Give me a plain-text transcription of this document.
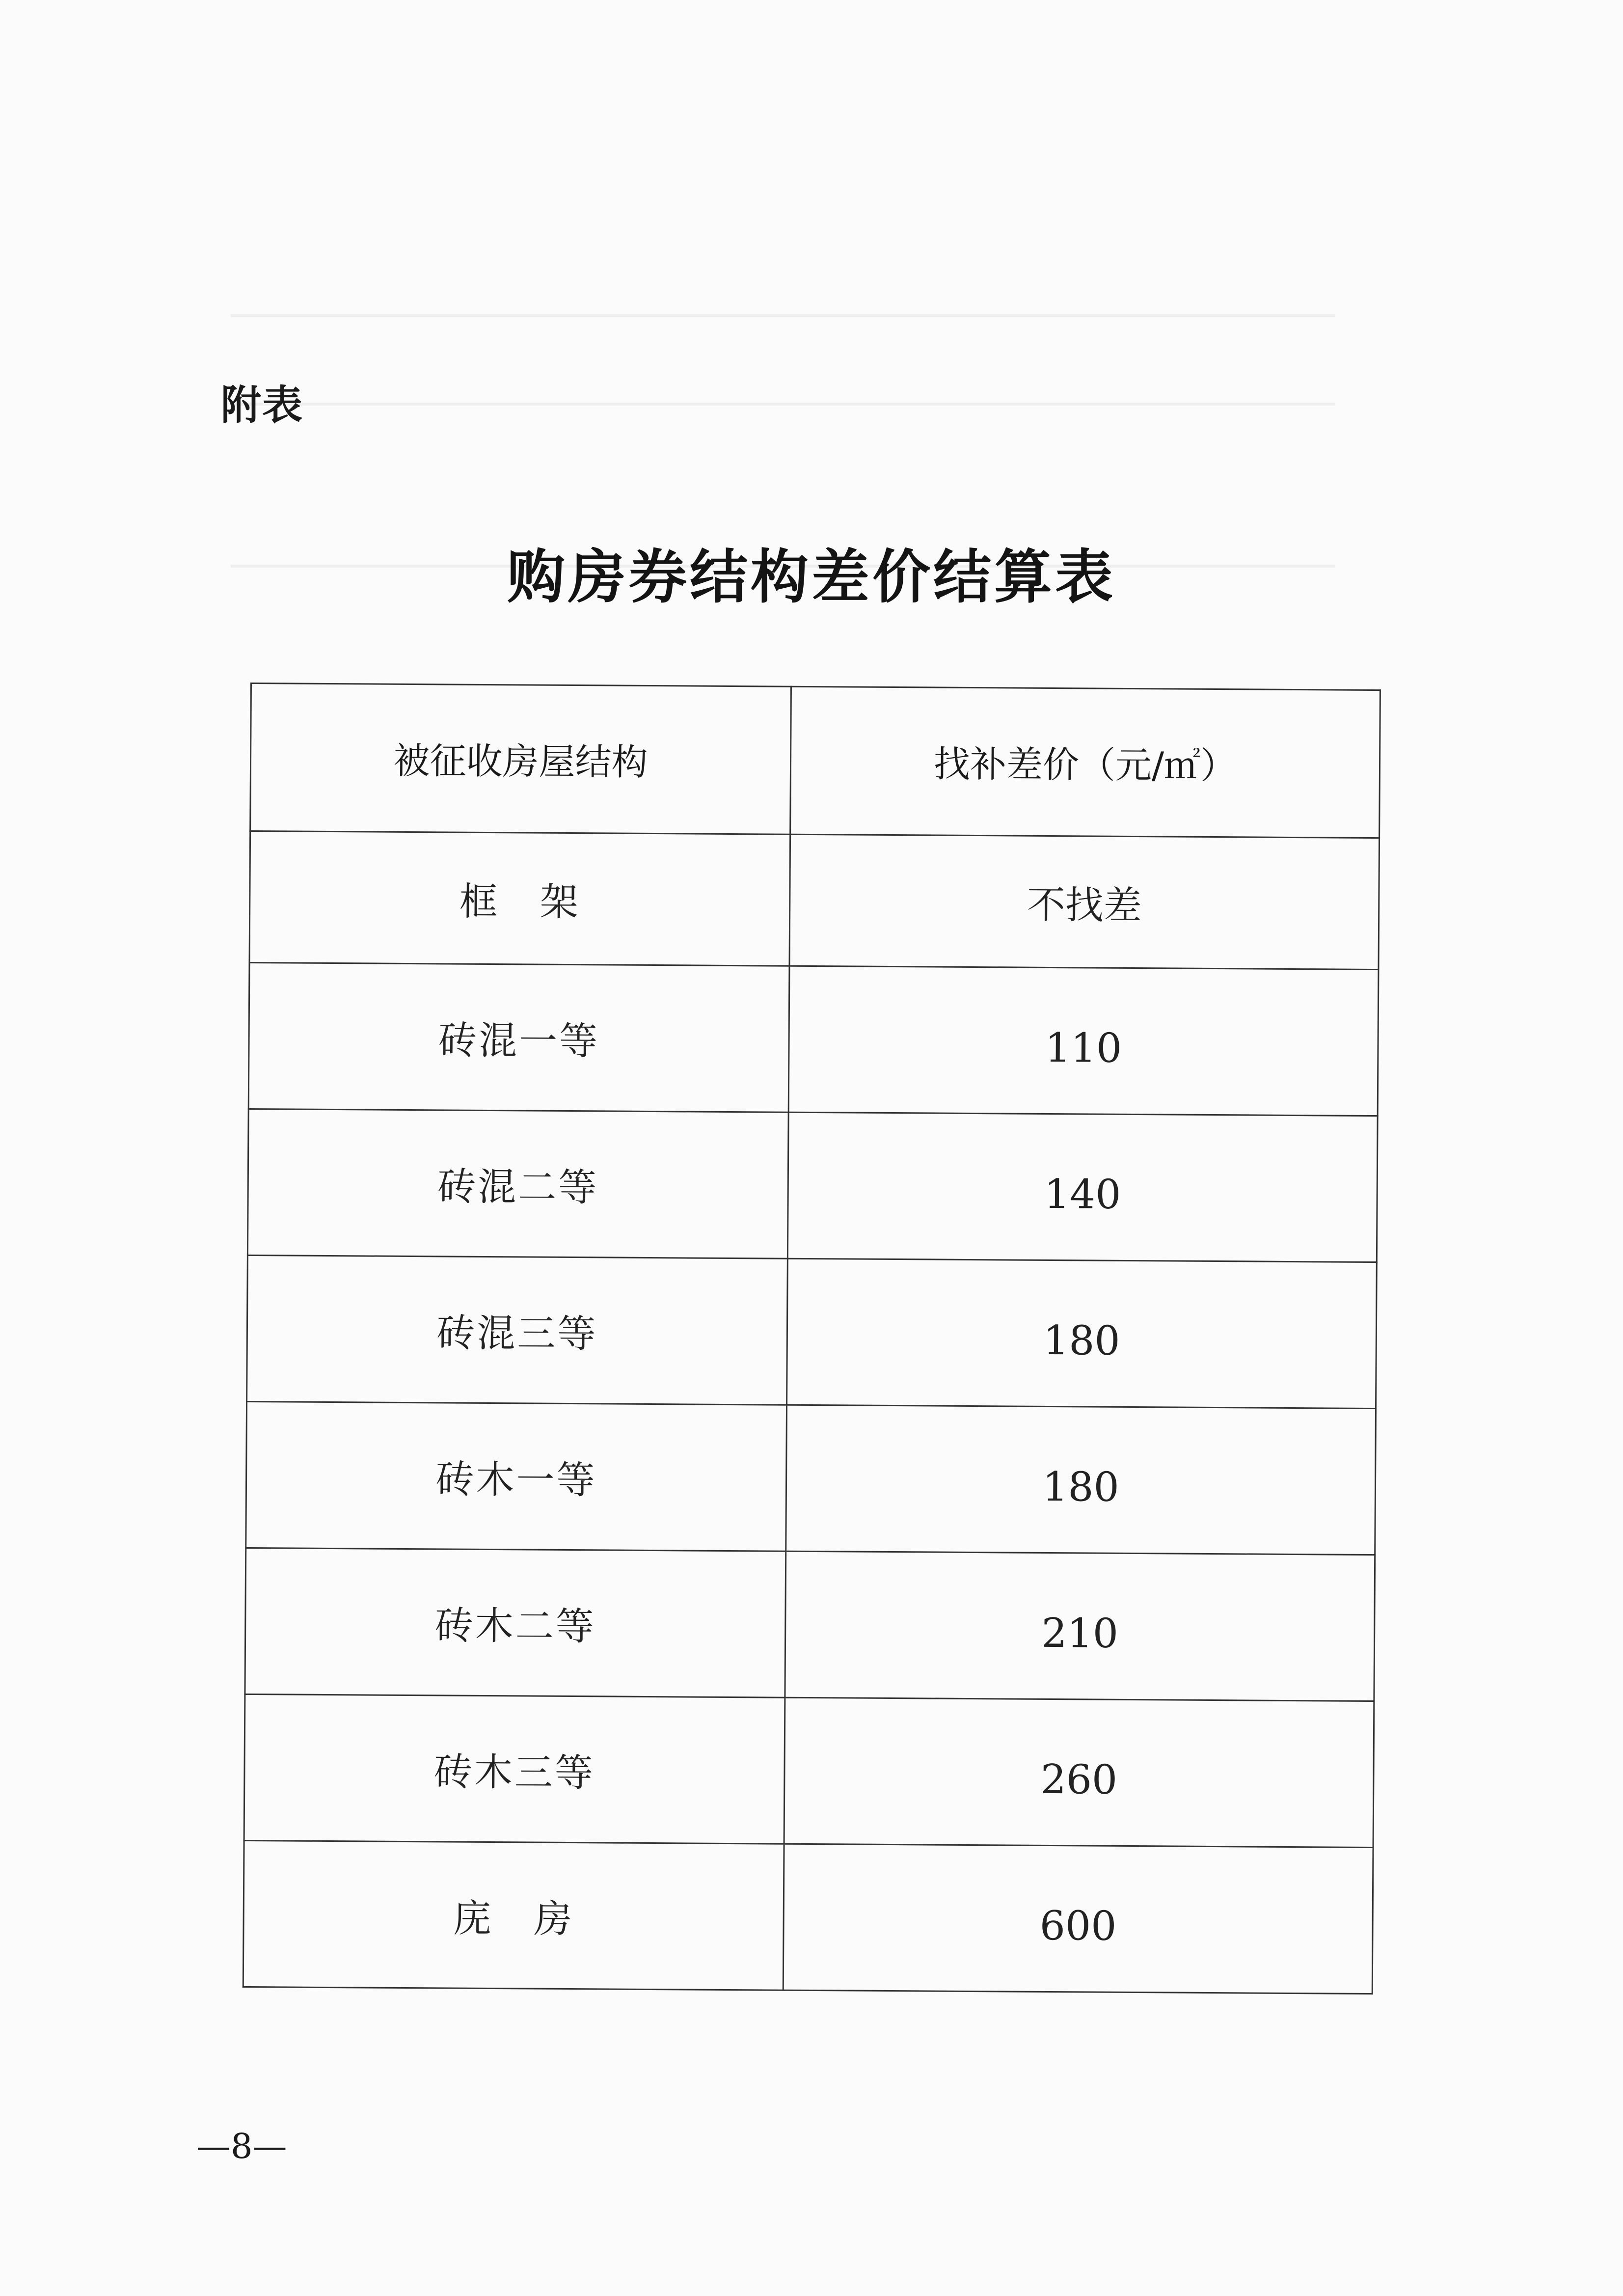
附表
购房券结构差价结算表
被征收房屋结构	找补差价（元/㎡）
框　架	不找差
砖混一等	110
砖混二等	140
砖混三等	180
砖木一等	180
砖木二等	210
砖木三等	260
庑　房	600
—8—
